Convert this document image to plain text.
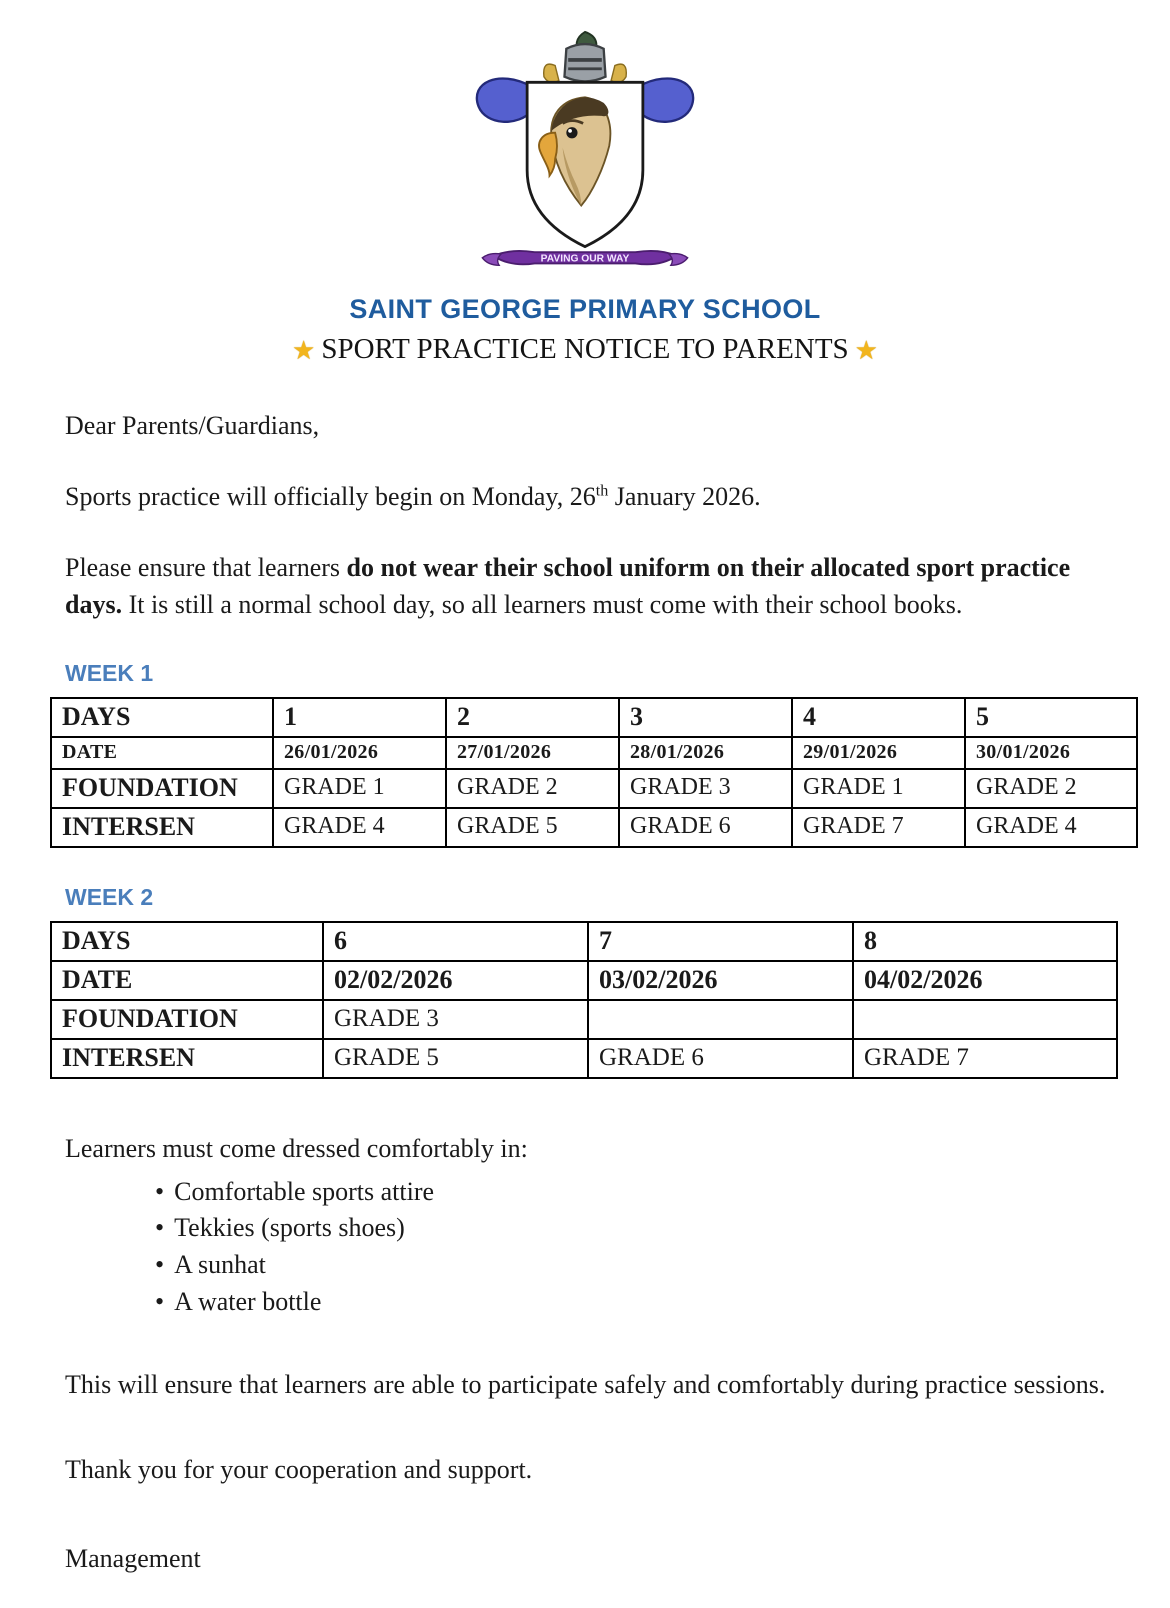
PAVING OUR WAY
SAINT GEORGE PRIMARY SCHOOL
★ SPORT PRACTICE NOTICE TO PARENTS ★

Dear Parents/Guardians,

Sports practice will officially begin on Monday, 26th January 2026.

Please ensure that learners do not wear their school uniform on their allocated sport practice days. It is still a normal school day, so all learners must come with their school books.

WEEK 1
DAYS	1	2	3	4	5
DATE	26/01/2026	27/01/2026	28/01/2026	29/01/2026	30/01/2026
FOUNDATION	GRADE 1	GRADE 2	GRADE 3	GRADE 1	GRADE 2
INTERSEN	GRADE 4	GRADE 5	GRADE 6	GRADE 7	GRADE 4
WEEK 2
DAYS	6	7	8
DATE	02/02/2026	03/02/2026	04/02/2026
FOUNDATION	GRADE 3		
INTERSEN	GRADE 5	GRADE 6	GRADE 7

Learners must come dressed comfortably in:

• Comfortable sports attire
• Tekkies (sports shoes)
• A sunhat
• A water bottle

This will ensure that learners are able to participate safely and comfortably during practice sessions.

Thank you for your cooperation and support.

Management
